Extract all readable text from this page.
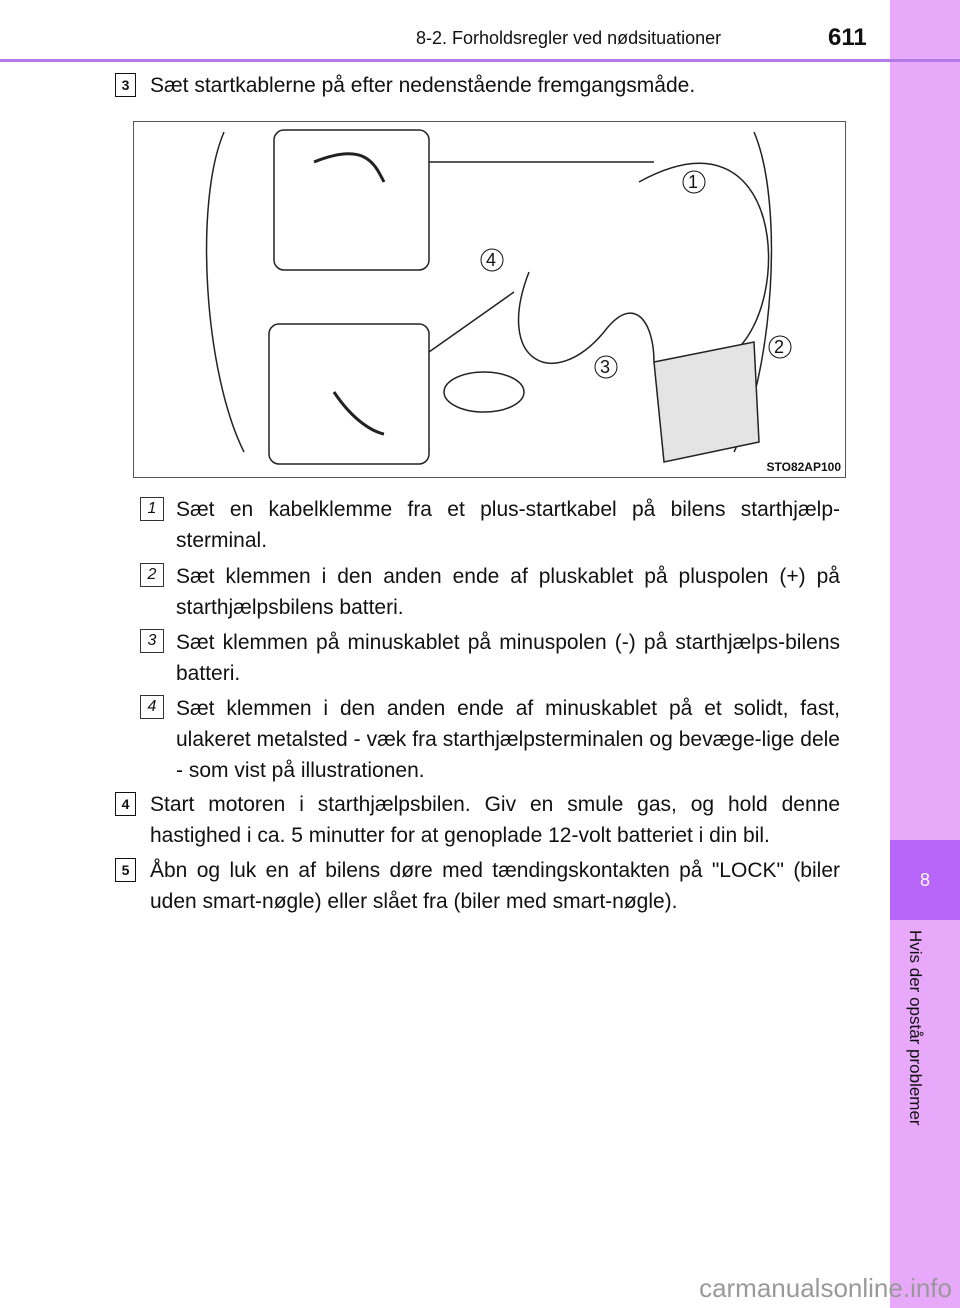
8
Hvis der opstår problemer
8-2. Forholdsregler ved nødsituationer	611
3 Sæt startkablerne på efter nedenstående fremgangsmåde.
1
2
3
4
STO82AP100
1 Sæt en kabelklemme fra et plus-startkabel på bilens starthjælp-sterminal.
2 Sæt klemmen i den anden ende af pluskablet på pluspolen (+) på starthjælpsbilens batteri.
3 Sæt klemmen på minuskablet på minuspolen (-) på starthjælps-bilens batteri.
4 Sæt klemmen i den anden ende af minuskablet på et solidt, fast, ulakeret metalsted - væk fra starthjælpsterminalen og bevæge-lige dele - som vist på illustrationen.
4 Start motoren i starthjælpsbilen. Giv en smule gas, og hold denne hastighed i ca. 5 minutter for at genoplade 12-volt batteriet i din bil.
5 Åbn og luk en af bilens døre med tændingskontakten på "LOCK" (biler uden smart-nøgle) eller slået fra (biler med smart-nøgle).
carmanualsonline.info
